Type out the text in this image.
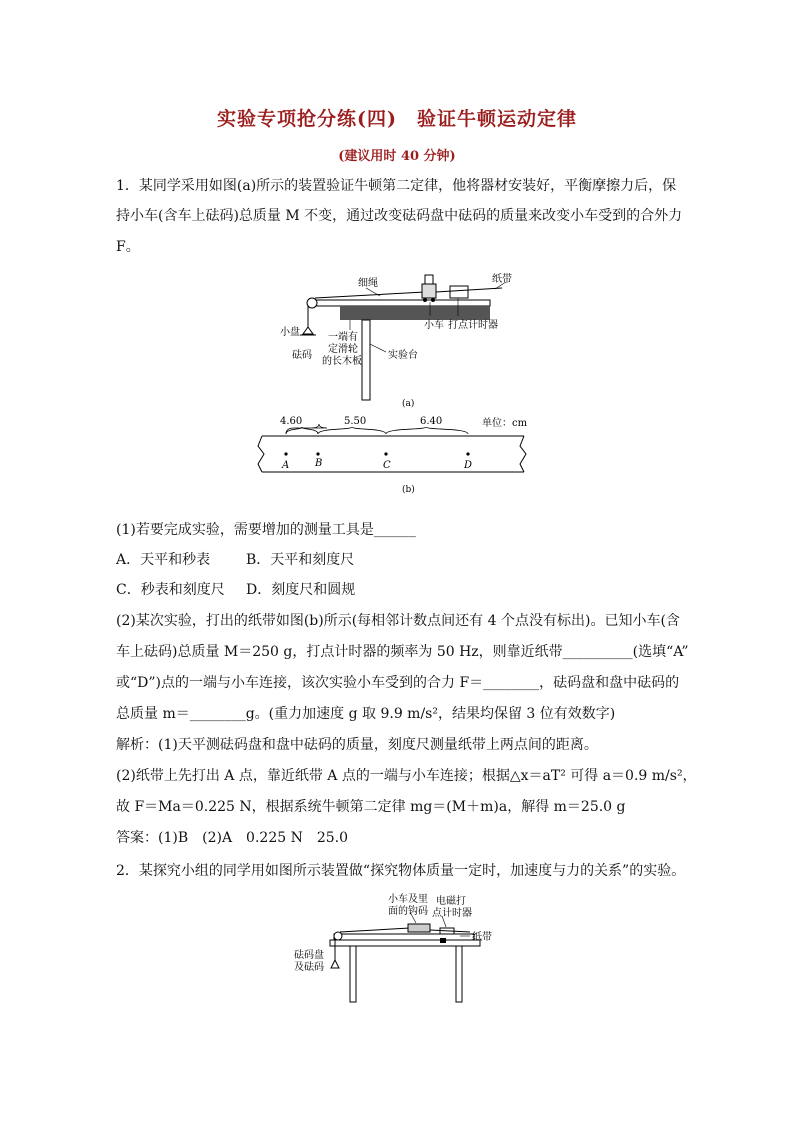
实验专项抢分练(四)　验证牛顿运动定律
(建议用时 40 分钟)
1．某同学采用如图(a)所示的装置验证牛顿第二定律，他将器材安装好，平衡摩擦力后，保
持小车(含车上砝码)总质量 M 不变，通过改变砝码盘中砝码的质量来改变小车受到的合外力
F。
细绳	纸带
小盘
砝码
一端有
定滑轮
的长木板
小车 打点计时器
实验台
(a)
4.60	5.50	6.40	单位：cm
A	B	C	D
(b)
(1)若要完成实验，需要增加的测量工具是______
A．天平和秒表	B．天平和刻度尺
C．秒表和刻度尺 D．刻度尺和圆规
(2)某次实验，打出的纸带如图(b)所示(每相邻计数点间还有 4 个点没有标出)。已知小车(含
车上砝码)总质量 M＝250 g，打点计时器的频率为 50 Hz，则靠近纸带__________(选填“A”
或“D”)点的一端与小车连接，该次实验小车受到的合力 F＝________，砝码盘和盘中砝码的
总质量 m＝________g。(重力加速度 g 取 9.9 m/s²，结果均保留 3 位有效数字)
解析：(1)天平测砝码盘和盘中砝码的质量，刻度尺测量纸带上两点间的距离。
(2)纸带上先打出 A 点，靠近纸带 A 点的一端与小车连接；根据△x＝aT² 可得 a＝0.9 m/s²，
故 F＝Ma＝0.225 N，根据系统牛顿第二定律 mg＝(M＋m)a，解得 m＝25.0 g
答案：(1)B　(2)A　0.225 N　25.0
2．某探究小组的同学用如图所示装置做“探究物体质量一定时，加速度与力的关系”的实验。
小车及里
面的钩码
电磁打
点计时器
纸带
砝码盘
及砝码
